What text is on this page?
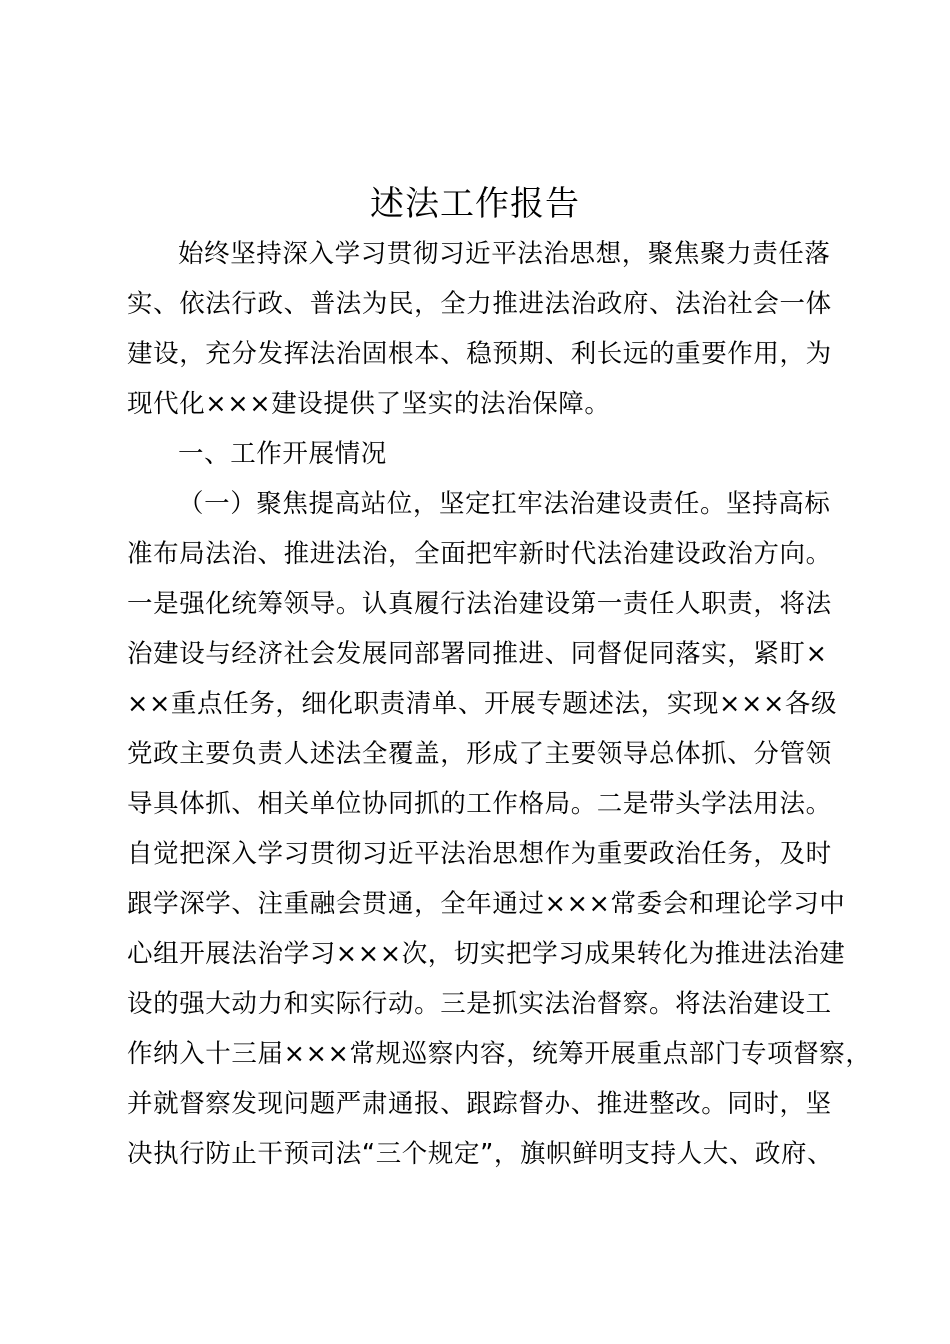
述法工作报告
始终坚持深入学习贯彻习近平法治思想，聚焦聚力责任落
实、依法行政、普法为民，全力推进法治政府、法治社会一体
建设，充分发挥法治固根本、稳预期、利长远的重要作用，为
现代化×××建设提供了坚实的法治保障。
一、工作开展情况
（一）聚焦提高站位，坚定扛牢法治建设责任。坚持高标
准布局法治、推进法治，全面把牢新时代法治建设政治方向。
一是强化统筹领导。认真履行法治建设第一责任人职责，将法
治建设与经济社会发展同部署同推进、同督促同落实，紧盯×
××重点任务，细化职责清单、开展专题述法，实现×××各级
党政主要负责人述法全覆盖，形成了主要领导总体抓、分管领
导具体抓、相关单位协同抓的工作格局。二是带头学法用法。
自觉把深入学习贯彻习近平法治思想作为重要政治任务，及时
跟学深学、注重融会贯通，全年通过×××常委会和理论学习中
心组开展法治学习×××次，切实把学习成果转化为推进法治建
设的强大动力和实际行动。三是抓实法治督察。将法治建设工
作纳入十三届×××常规巡察内容，统筹开展重点部门专项督察，
并就督察发现问题严肃通报、跟踪督办、推进整改。同时，坚
决执行防止干预司法“三个规定”，旗帜鲜明支持人大、政府、
